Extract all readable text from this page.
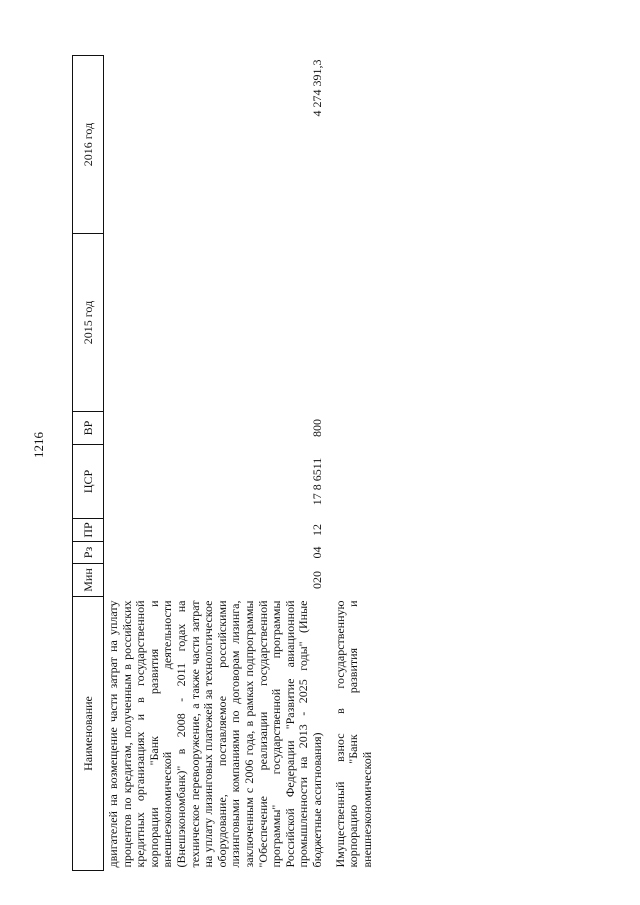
1216
Наименование	Мин	Рз	ПР	ЦСР	ВР	2015 год	2016 год
двигателей на возмещение части затрат на уплату процентов по кредитам, полученным в российских кредитных организациях и в государственной корпорации "Банк развития и внешнеэкономической деятельности (Внешэкономбанк)" в 2008 - 2011 годах на техническое перевооружение, а также части затрат на уплату лизинговых платежей за технологическое оборудование, поставляемое российскими лизинговыми компаниями по договорам лизинга, заключенным с 2006 года, в рамках подпрограммы "Обеспечение реализации государственной программы" государственной программы Российской Федерации "Развитие авиационной промышленности на 2013 - 2025 годы" (Иные бюджетные ассигнования)	020	04	12	17 8 6511	800		4 274 391,3
Имущественный взнос в государственную корпорацию "Банк развития и внешнеэкономической							
